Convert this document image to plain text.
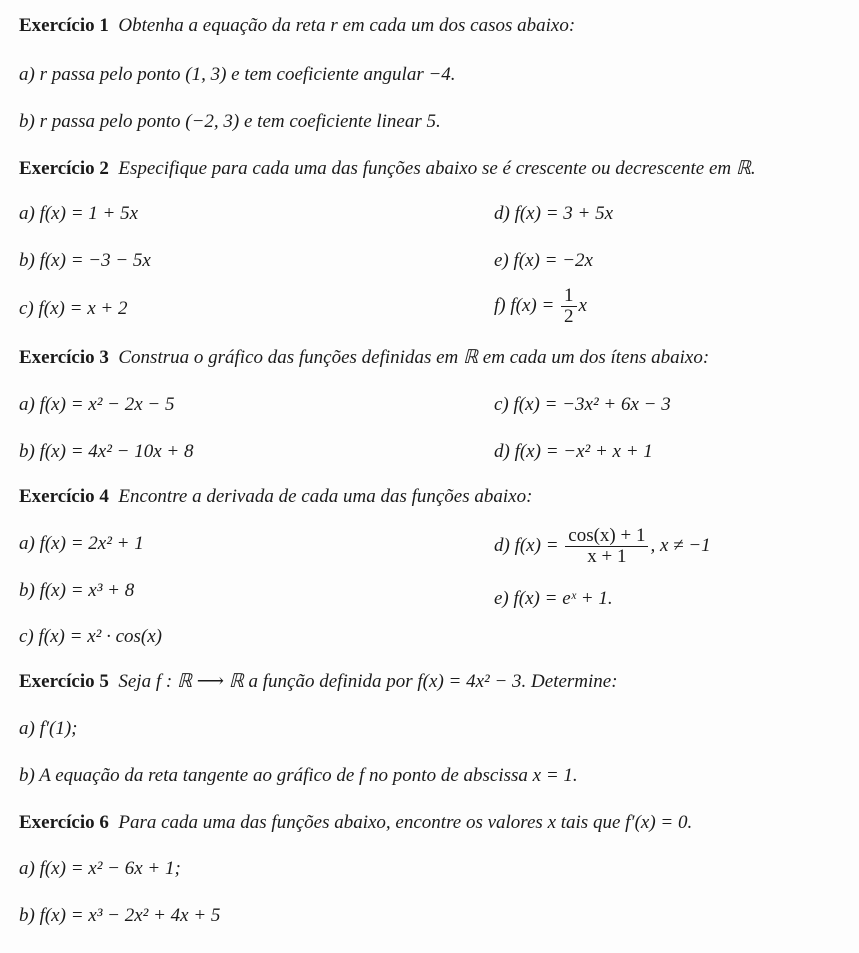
Exercício 1 Obtenha a equação da reta r em cada um dos casos abaixo:
a) r passa pelo ponto (1, 3) e tem coeficiente angular −4.
b) r passa pelo ponto (−2, 3) e tem coeficiente linear 5.
Exercício 2 Especifique para cada uma das funções abaixo se é crescente ou decrescente em ℝ.
a) f(x) = 1 + 5x	d) f(x) = 3 + 5x
b) f(x) = −3 − 5x	e) f(x) = −2x
c) f(x) = x + 2	f) $f(x) = \frac{1}{2}$ x
Exercício 3 Construa o gráfico das funções definidas em ℝ em cada um dos ítens abaixo:
a) f(x) = x² − 2x − 5	c) f(x) = −3x² + 6x − 3
b) f(x) = 4x² − 10x + 8	d) f(x) = −x² + x + 1
Exercício 4 Encontre a derivada de cada uma das funções abaixo:
a) f(x) = 2x² + 1	d) $f(x) = \frac{\cos(x) + 1}{x + 1}$ , x ≠ −1
b) f(x) = x³ + 8	e) f(x) = eˣ + 1.
c) f(x) = x² · cos(x)
Exercício 5 Seja f : ℝ ⟶ ℝ a função definida por f(x) = 4x² − 3. Determine:
a) f′(1);
b) A equação da reta tangente ao gráfico de f no ponto de abscissa x = 1.
Exercício 6 Para cada uma das funções abaixo, encontre os valores x tais que f′(x) = 0.
a) f(x) = x² − 6x + 1;
b) f(x) = x³ − 2x² + 4x + 5
